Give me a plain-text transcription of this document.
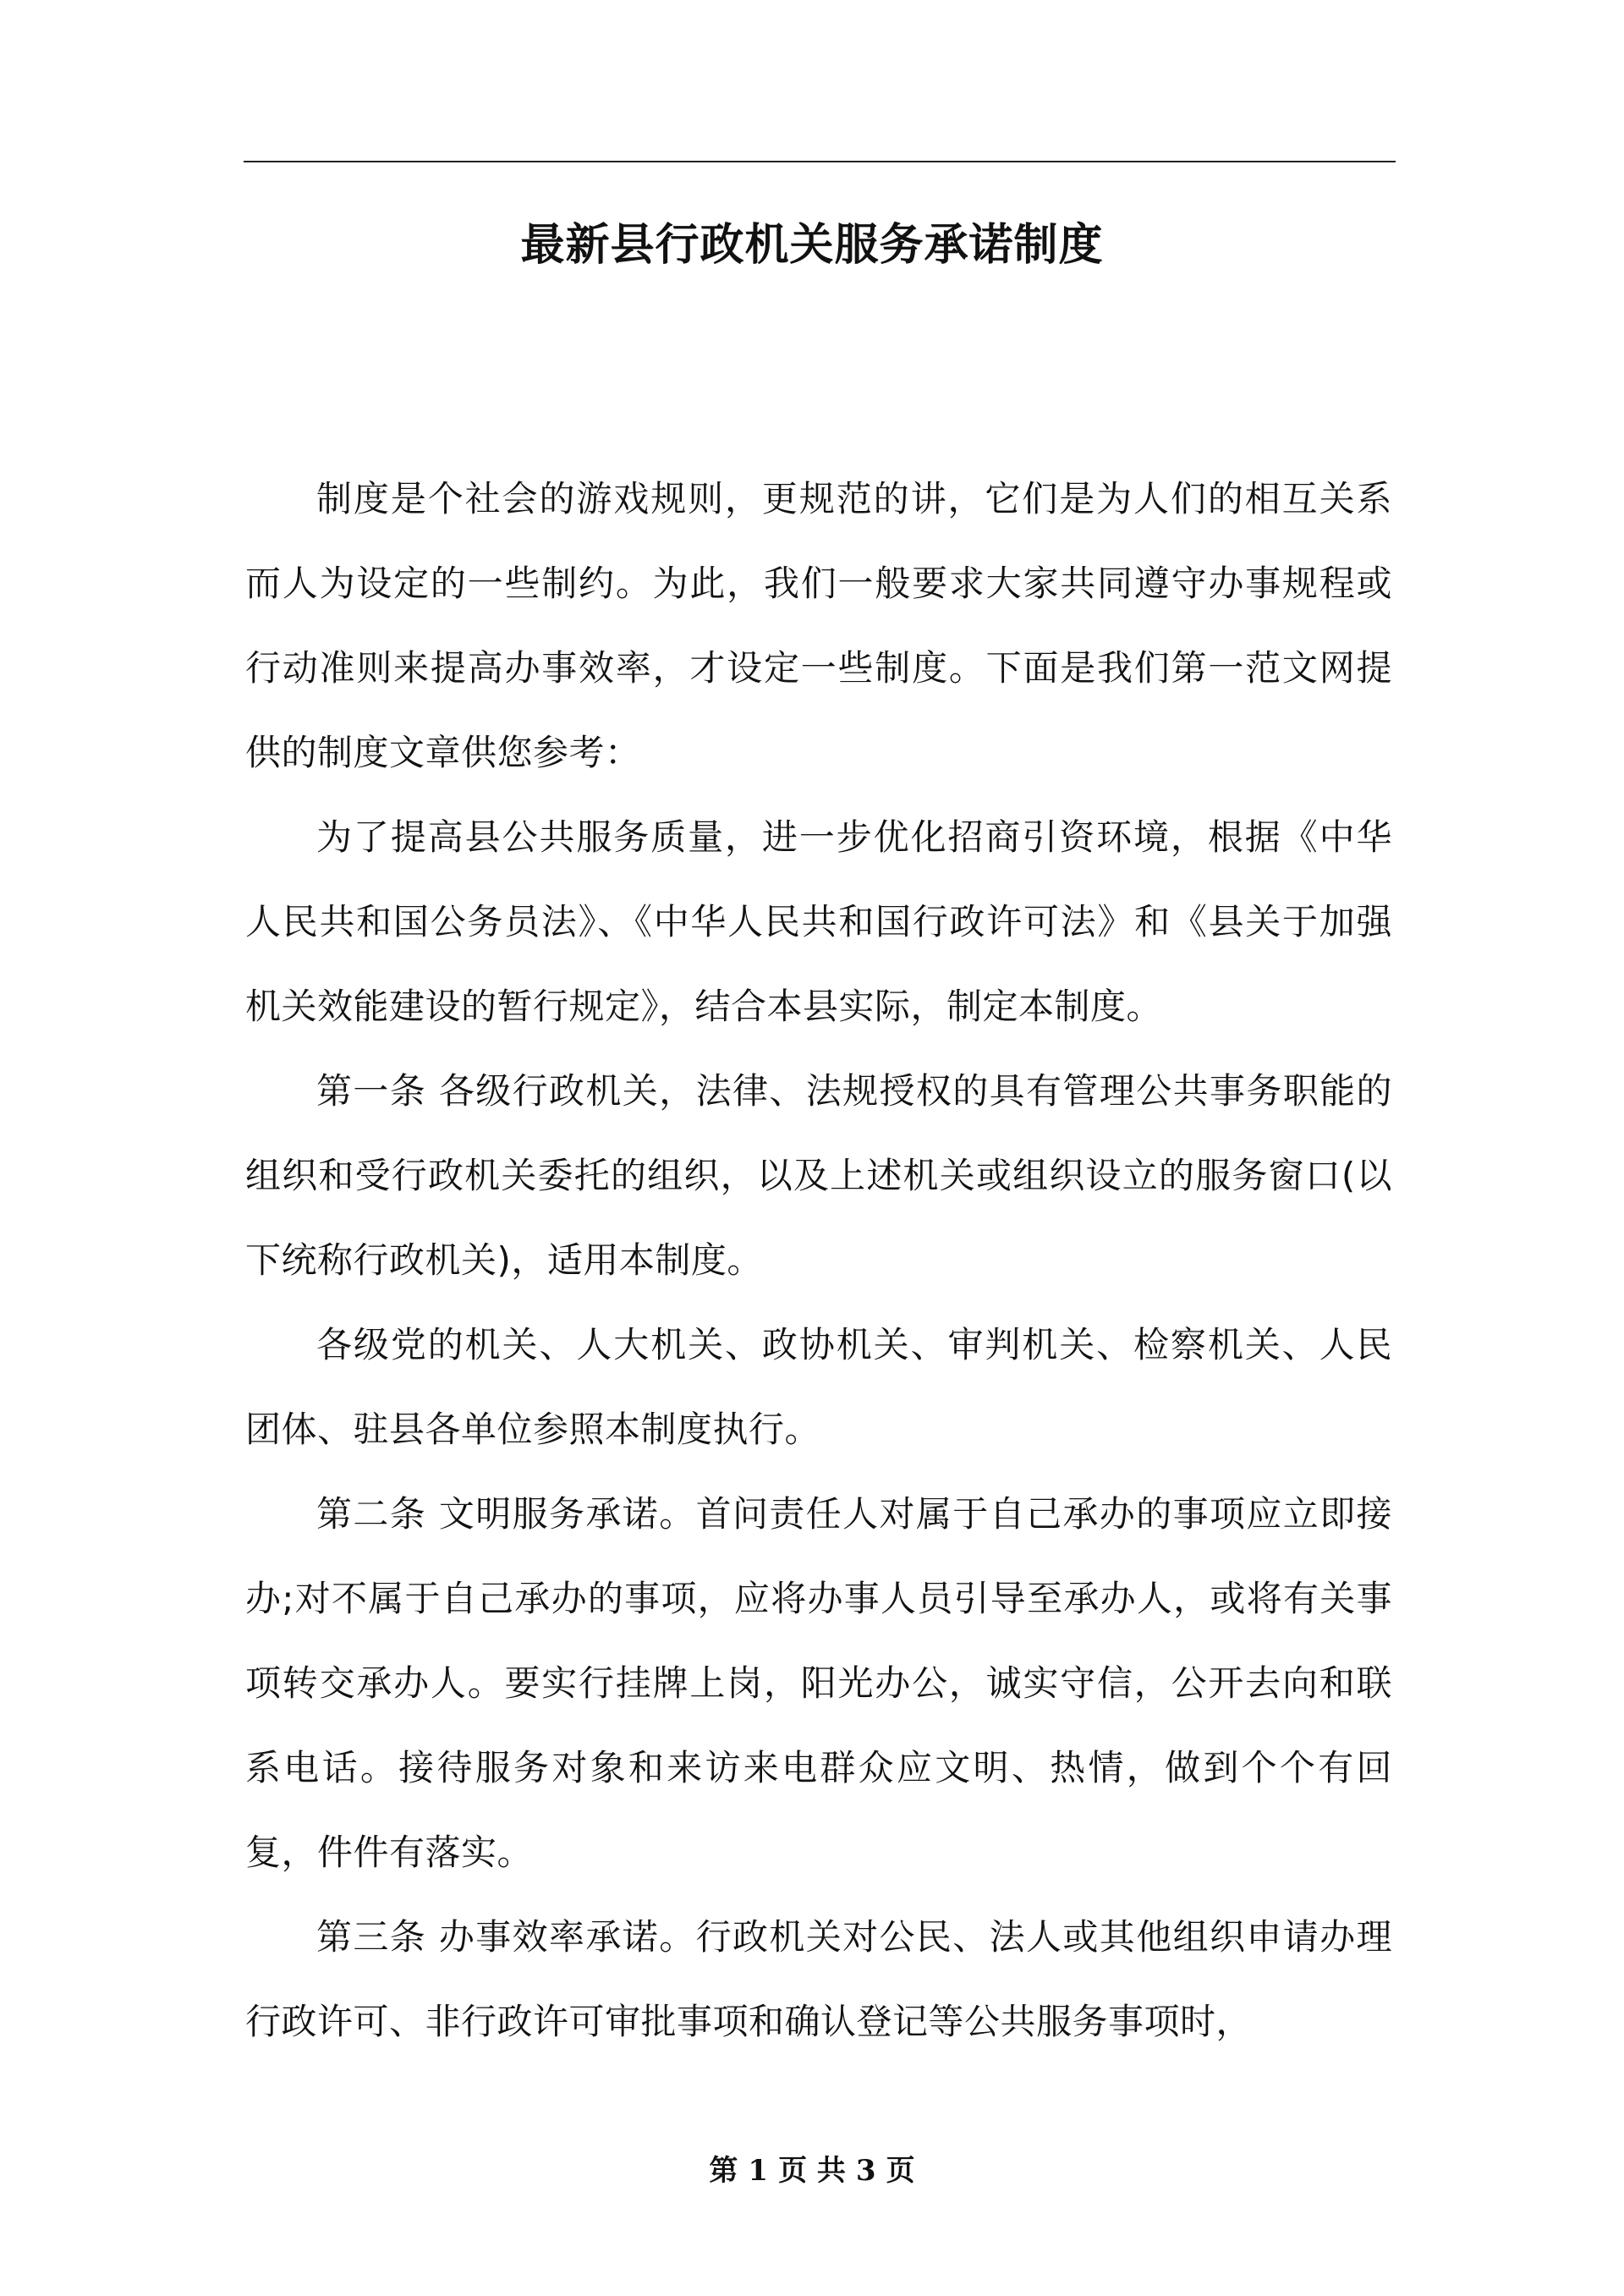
最新县行政机关服务承诺制度

制度是个社会的游戏规则，更规范的讲，它们是为人们的相互关系而人为设定的一些制约。为此，我们一般要求大家共同遵守办事规程或行动准则来提高办事效率，才设定一些制度。下面是我们第一范文网提供的制度文章供您参考：

为了提高县公共服务质量，进一步优化招商引资环境，根据《中华人民共和国公务员法》、《中华人民共和国行政许可法》和《县关于加强机关效能建设的暂行规定》，结合本县实际，制定本制度。

第一条 各级行政机关，法律、法规授权的具有管理公共事务职能的组织和受行政机关委托的组织，以及上述机关或组织设立的服务窗口(以下统称行政机关)，适用本制度。

各级党的机关、人大机关、政协机关、审判机关、检察机关、人民团体、驻县各单位参照本制度执行。

第二条 文明服务承诺。首问责任人对属于自己承办的事项应立即接办;对不属于自己承办的事项，应将办事人员引导至承办人，或将有关事项转交承办人。要实行挂牌上岗，阳光办公，诚实守信，公开去向和联系电话。接待服务对象和来访来电群众应文明、热情，做到个个有回复，件件有落实。

第三条 办事效率承诺。行政机关对公民、法人或其他组织申请办理行政许可、非行政许可审批事项和确认登记等公共服务事项时，

第 1 页 共 3 页
